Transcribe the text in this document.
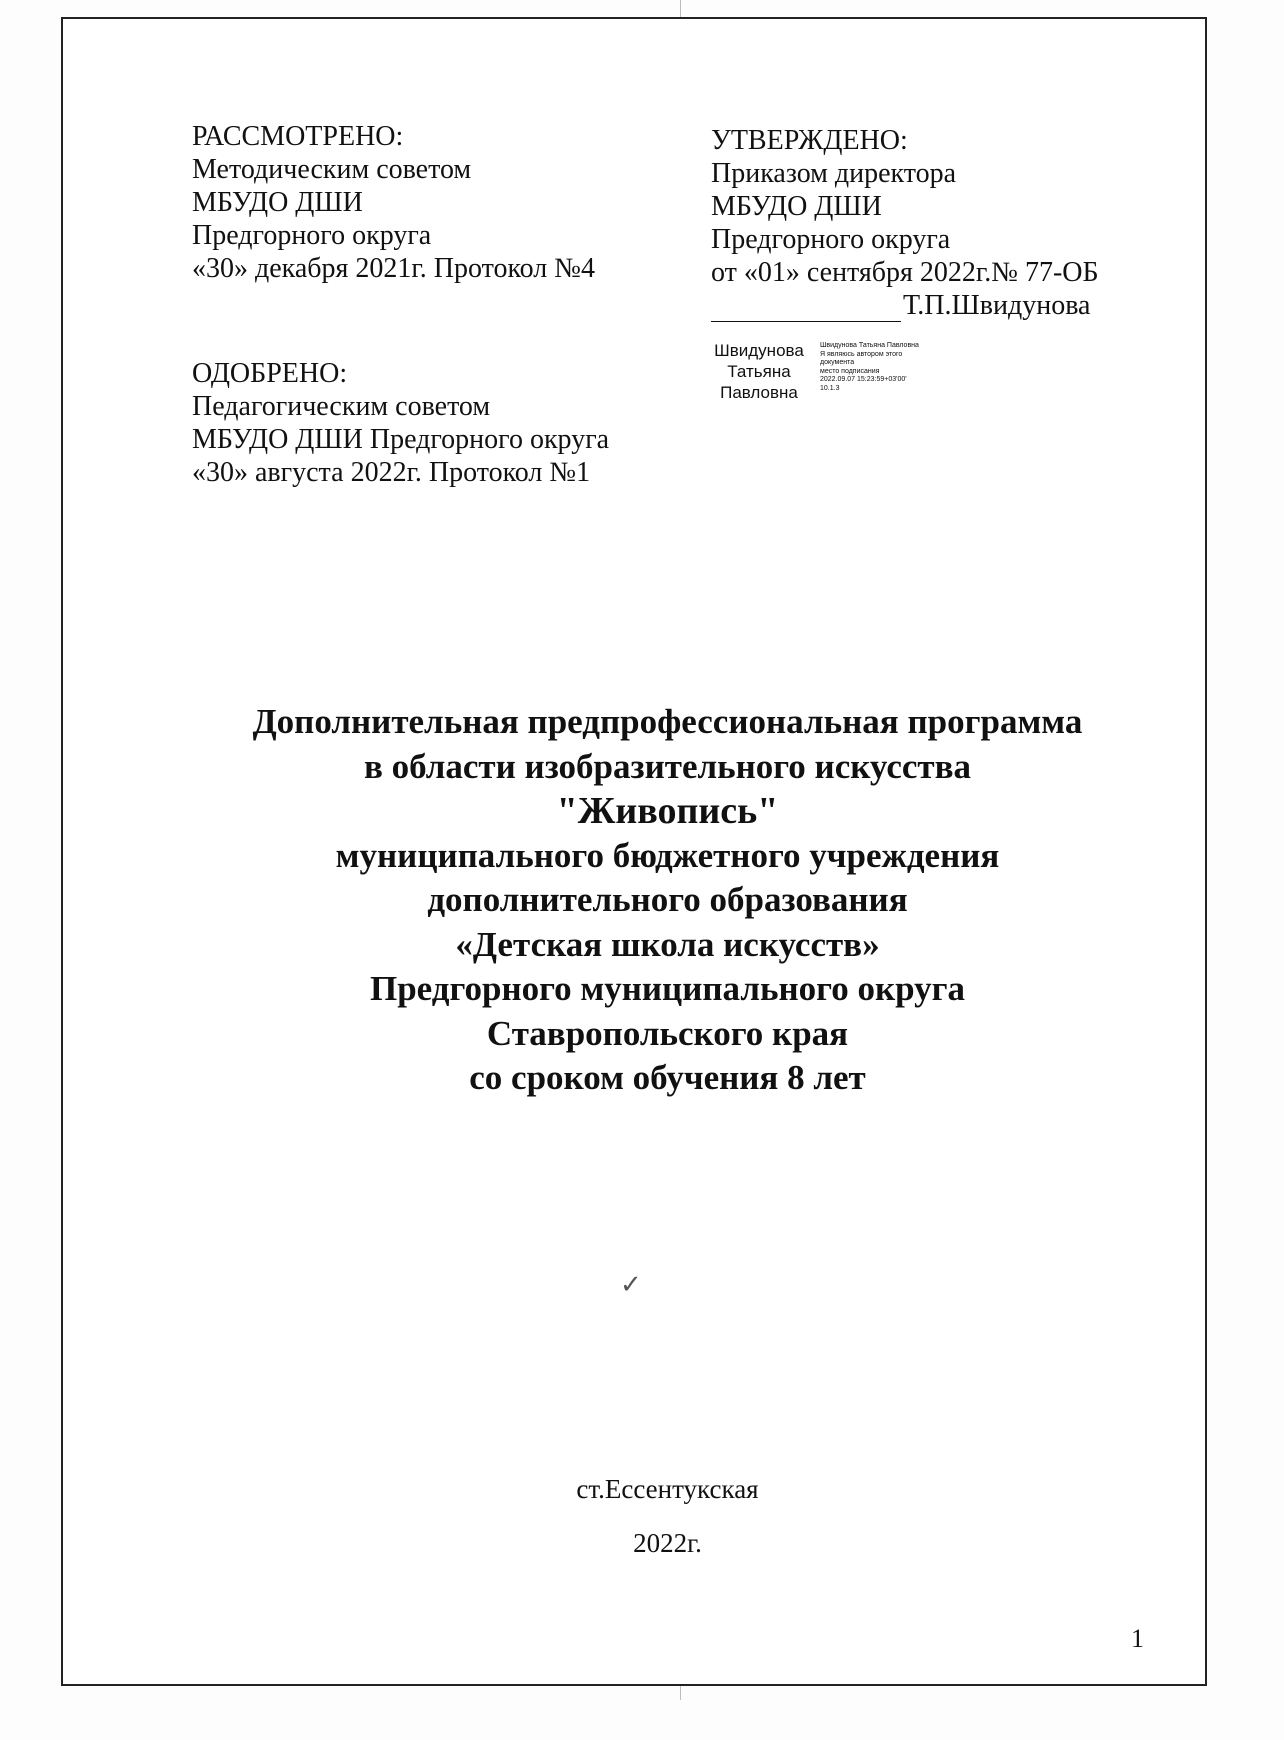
РАССМОТРЕНО:
Методическим советом
МБУДО ДШИ
Предгорного округа
«30» декабря 2021г. Протокол №4
УТВЕРЖДЕНО:
Приказом директора
МБУДО ДШИ
Предгорного округа
от «01» сентября 2022г.№ 77-ОБ
Т.П.Швидунова
Швидунова
Татьяна
Павловна
Швидунова Татьяна Павловна
Я являюсь автором этого
документа
место подписания
2022.09.07 15:23:59+03'00'
10.1.3
ОДОБРЕНО:
Педагогическим советом
МБУДО ДШИ Предгорного округа
«30» августа 2022г. Протокол №1
Дополнительная предпрофессиональная программа
в области изобразительного искусства
"Живопись"
муниципального бюджетного учреждения
дополнительного образования
«Детская школа искусств»
Предгорного муниципального округа
Ставропольского края
со сроком обучения 8 лет
✓
ст.Ессентукская
2022г.
1
